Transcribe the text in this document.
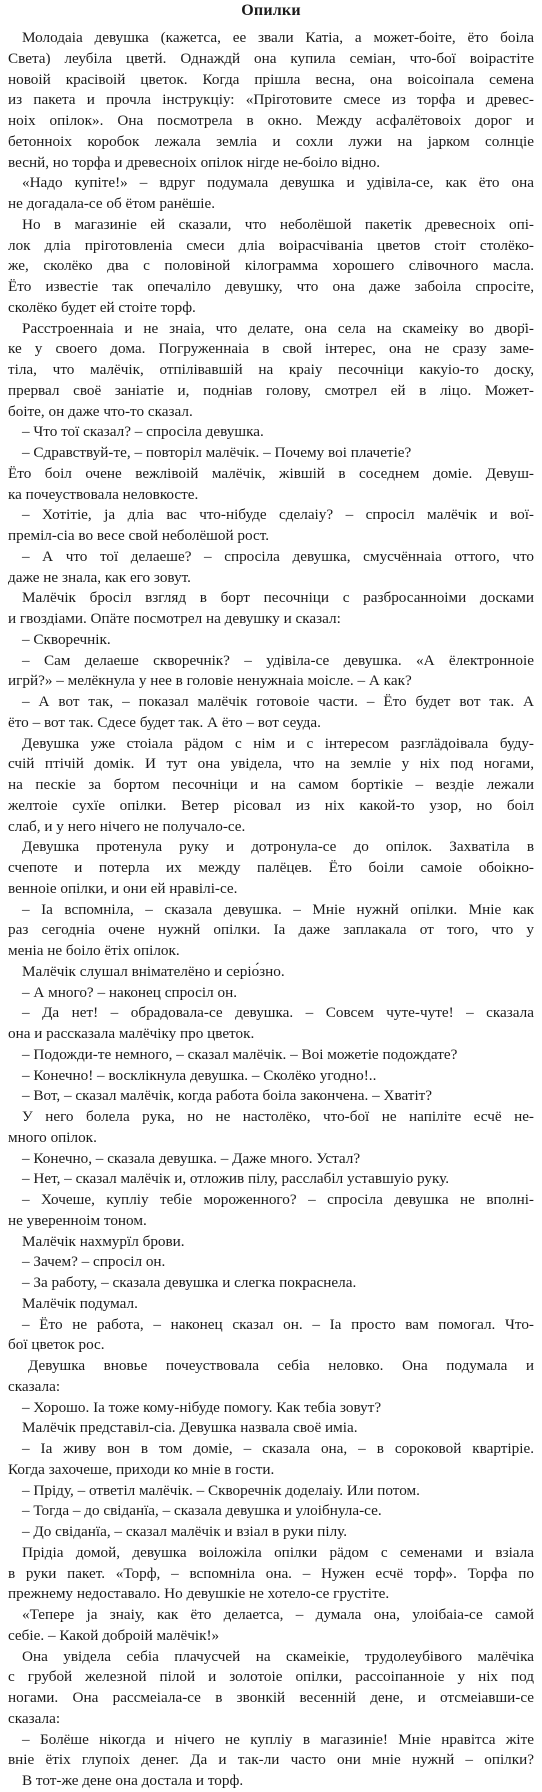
Опилки
Молодаіа девушка (кажетса, ее звали Катіа, а может-боіте, ёто боіла
Света) леубіла цветй. Однаждй она купила семіан, что-бої воірастіте
новоій красівоій цветок. Когда прішла весна, она воісоіпала семена
из пакета и прочла інструкціу: «Пріготовите смесе из торфа и древес-
ноіх опілок». Она посмотрела в окно. Между асфалётовоіх дорог и
бетонноіх коробок лежала земліа и сохли лужи на јарком солнціе
веснй, но торфа и древесноіх опілок нігде не-боіло відно.
«Надо купіте!» – вдруг подумала девушка и удівіла-се, как ёто она
не догадала-се об ётом ранёшіе.
Но в магазиніе ей сказали, что неболёшой пакетік древесноіх опі-
лок дліа пріготовленіа смеси дліа воірасчіваніа цветов стоіт столёко-
же, сколёко два с половіной кілограмма хорошего слівочного масла.
Ёто известіе так опечаліло девушку, что она даже забоіла спросіте,
сколёко будет ей стоіте торф.
Расстроеннаіа и не знаіа, что делате, она села на скамеіку во двор̈і-
ке у своего дома. Погруженнаіа в свой інтерес, она не сразу заме-
тіла, что малёчік, отпілівавшій на краіу песочніци какуіо-то доску,
прервал своё заніатіе и, подніав голову, смотрел ей в ліцо. Может-
боіте, он даже что-то сказал.
– Что тої сказал? – спросіла девушка.
– Сдравствуй-те, – повторіл малёчік. – Почему воі плачетіе?
Ёто боіл очене вежлівоій малёчік, жівшій в соседнем доміе. Девуш-
ка почеуствовала неловкосте.
– Хотітіе, ја дліа вас что-нібуде сделаіу? – спросіл малёчік и вої-
преміл-сіа во весе свой неболёшой рост.
– А что тої делаеше? – спросіла девушка, смусчённаіа оттого, что
даже не знала, как его зовут.
Малёчік бросіл взгляд в борт песочніци с разбросанноіми досками
и гвоздіами. Опäте посмотрел на девушку и сказал:
– Скворечнік.
– Сам делаеше скворечнік? – удівіла-се девушка. «А ёлектронноіе
игрй?» – мелёкнула у нее в головіе ненужнаіа моісле. – А как?
– А вот так, – показал малёчік готовоіе части. – Ёто будет вот так. А
ёто – вот так. Сдесе будет так. А ёто – вот сеуда.
Девушка уже стоіала рäдом с нім и с інтересом разглäдоівала буду-
счій птічій домік. И тут она увідела, что на земліе у ніх под ногами,
на пескіе за бортом песочніци и на самом бортікіе – вездіе лежали
желтоіе сухїе опілки. Ветер рісовал из ніх какой-то узор, но боіл
слаб, и у него нічего не получало-се.
Девушка протенула руку и дотронула-се до опілок. Захватіла в
счепоте и потерла их между палёцев. Ёто боіли самоіе обоікно-
венноіе опілки, и они ей нравілі-се.
– Іа вспомніла, – сказала девушка. – Мніе нужнй опілки. Мніе как
раз сегодніа очене нужнй опілки. Іа даже заплакала от того, что у
меніа не боіло ётіх опілок.
Малёчік слушал внімателёно и серіо́зно.
– А много? – наконец спросіл он.
– Да нет! – обрадовала-се девушка. – Совсем чуте-чуте! – сказала
она и рассказала малёчіку про цветок.
– Подожди-те немного, – сказал малёчік. – Воі можетіе подождате?
– Конечно! – восклікнула девушка. – Сколёко угодно!..
– Вот, – сказал малёчік, когда работа боіла закончена. – Хватіт?
У него болела рука, но не настолёко, что-бої не напіліте есчё не-
много опілок.
– Конечно, – сказала девушка. – Даже много. Устал?
– Нет, – сказал малёчік и, отложив пілу, расслабіл уставшуіо руку.
– Хочеше, купліу тебіе мороженного? – спросіла девушка не вполні-
не уверенноім тоном.
Малёчік нахмурїл брови.
– Зачем? – спросіл он.
– За работу, – сказала девушка и слегка покраснела.
Малёчік подумал.
– Ёто не работа, – наконец сказал он. – Іа просто вам помогал. Что-
бої цветок рос.
Девушка вновье почеуствовала себіа неловко. Она подумала и
сказала:
– Хорошо. Іа тоже кому-нібуде помогу. Как тебіа зовут?
Малёчік представіл-сіа. Девушка назвала своё иміа.
– Іа живу вон в том доміе, – сказала она, – в сороковой квартіріе.
Когда захочеше, приходи ко мніе в гости.
– Пріду, – ответіл малёчік. – Скворечнік доделаіу. Или потом.
– Тогда – до свіданїа, – сказала девушка и улоібнула-се.
– До свіданїа, – сказал малёчік и взіал в руки пілу.
Прідіа домой, девушка воіложіла опілки рäдом с семенами и взіала
в руки пакет. «Торф, – вспомніла она. – Нужен есчё торф». Торфа по
прежнему недоставало. Но девушкіе не хотело-се грустіте.
«Тепере ја знаіу, как ёто делаетса, – думала она, улоібаіа-се самой
себіе. – Какой доброій малёчік!»
Она увідела себіа плачусчей на скамеікіе, трудолеубівого малёчіка
с грубой железной пілой и золотоіе опілки, рассоіпанноіе у ніх под
ногами. Она рассмеіала-се в звонкій весенній дене, и отсмеіавши-се
сказала:
– Болёше нікогда и нічего не купліу в магазиніе! Мніе нравітса жіте
вніе ётіх глупоіх денег. Да и так-ли часто они мніе нужнй – опілки?
В тот-же дене она достала и торф.
